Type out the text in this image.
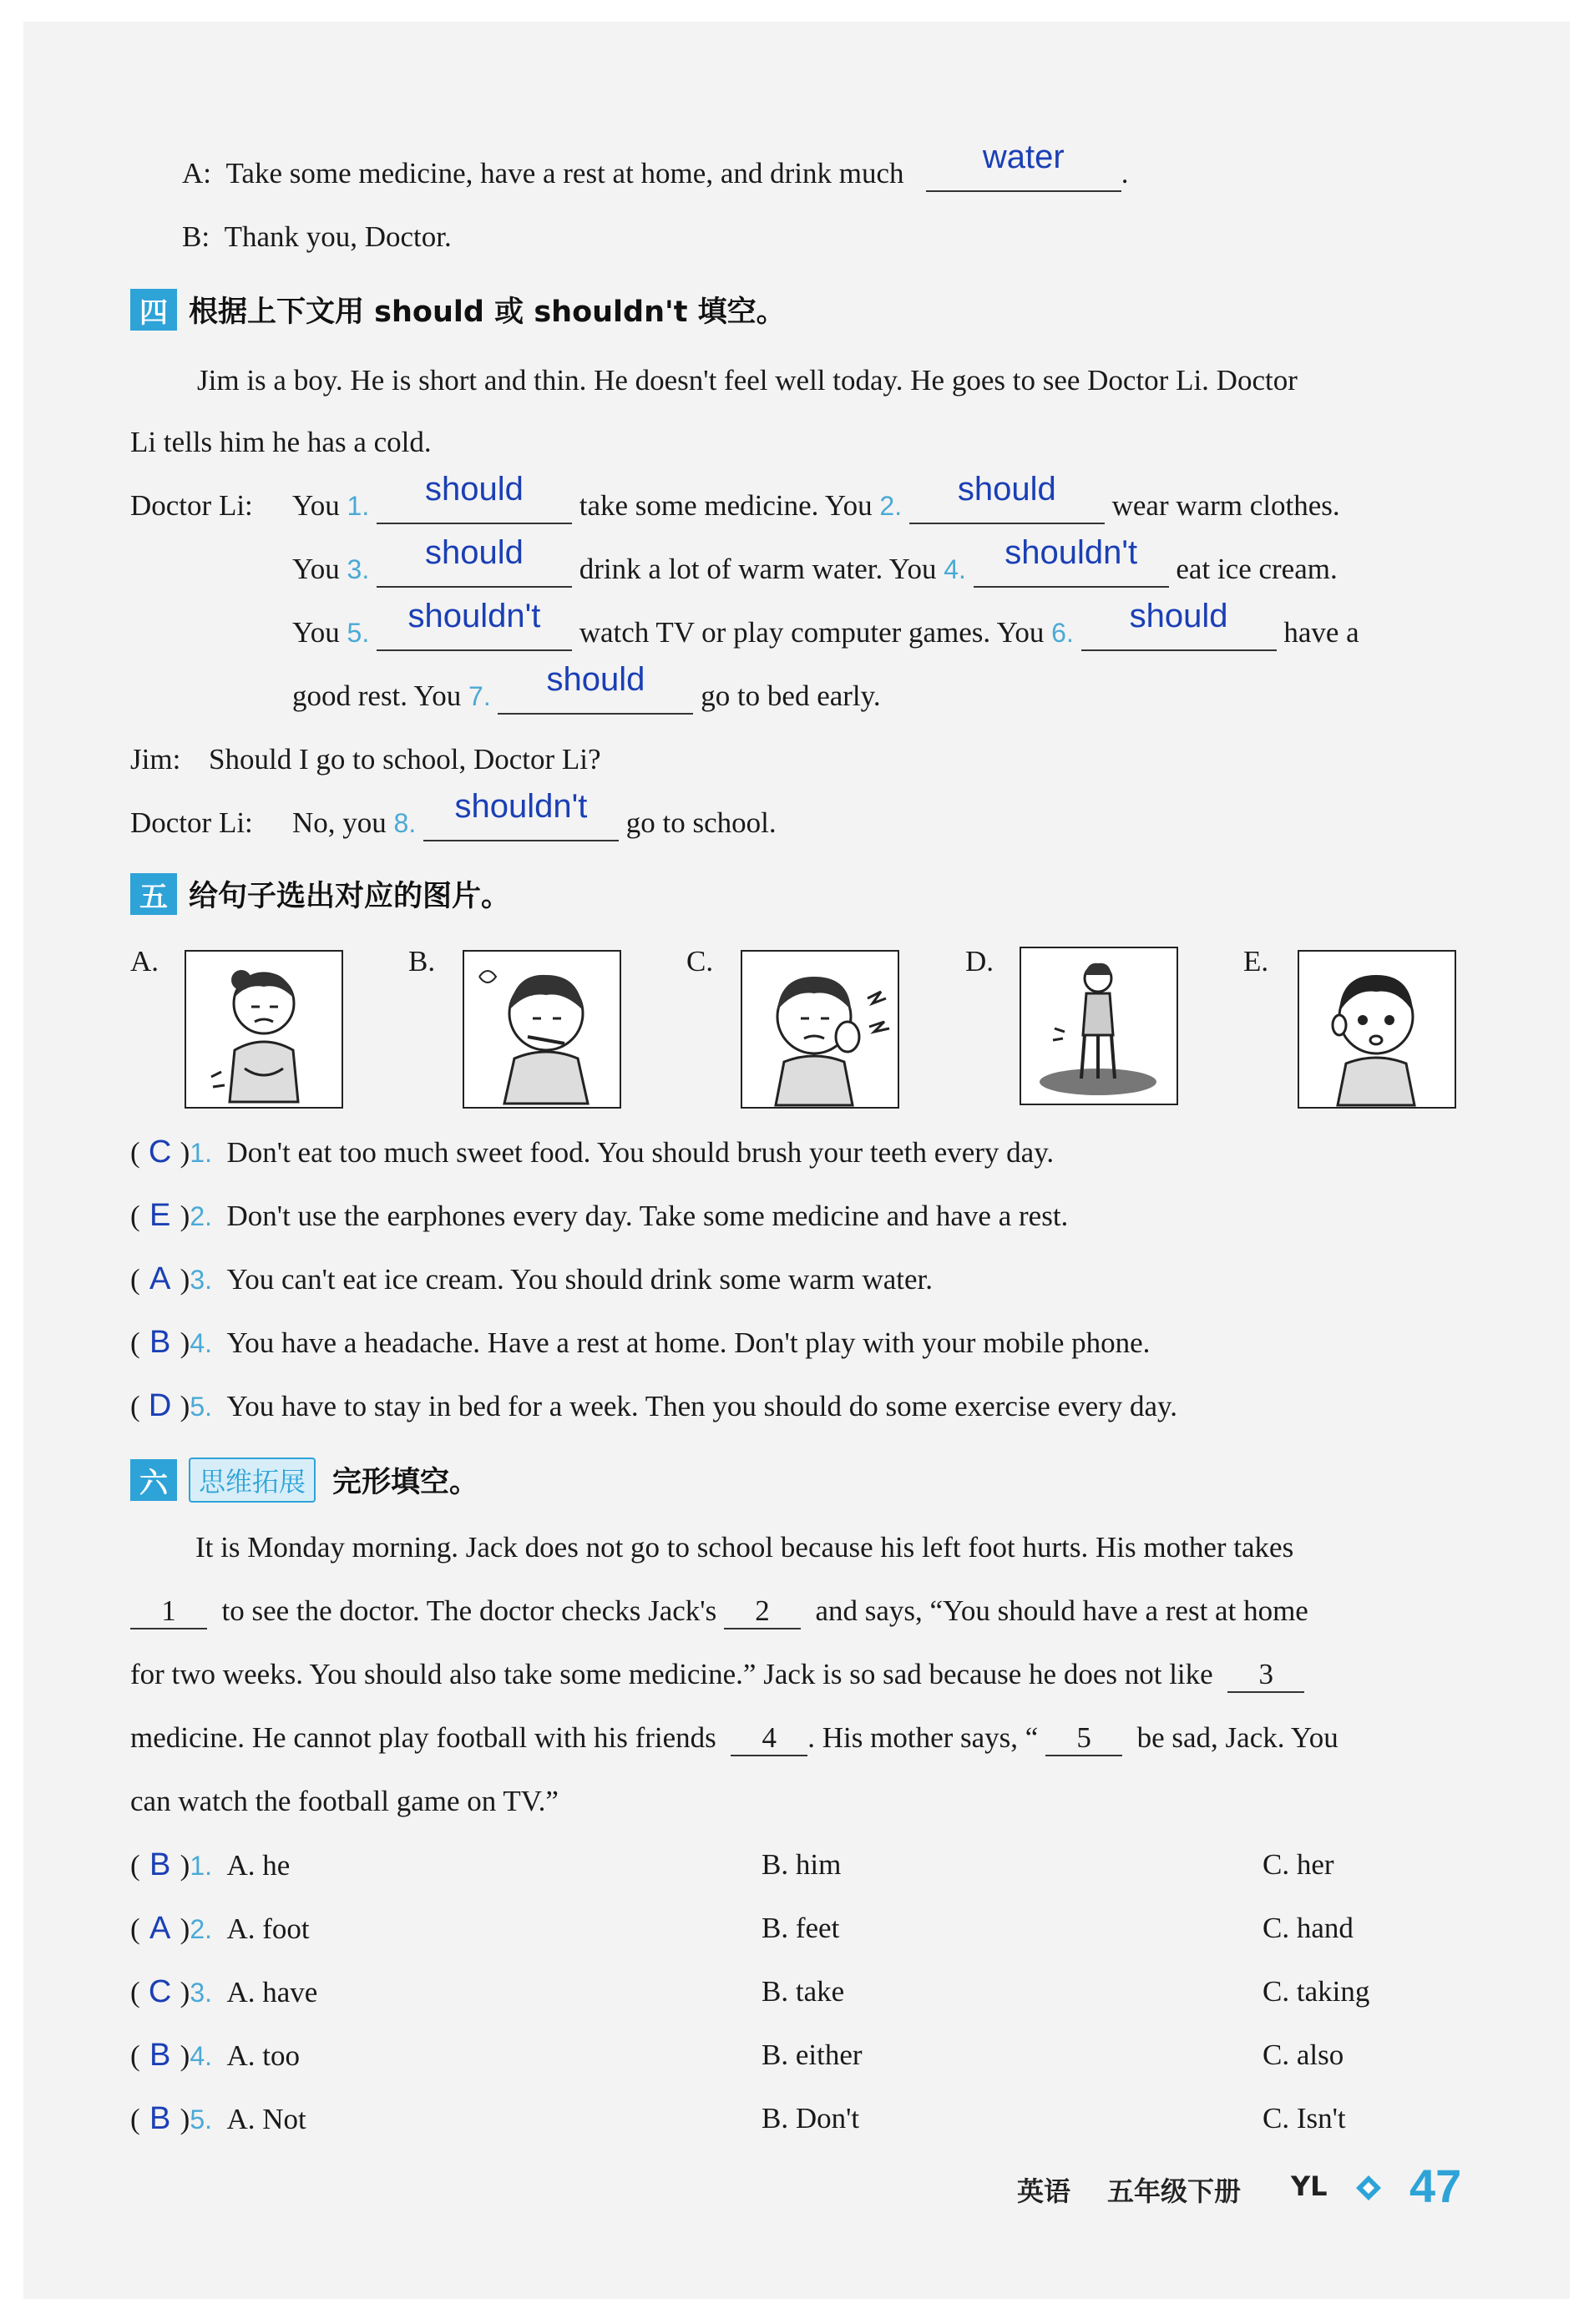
A: Take some medicine, have a rest at home, and drink much	water	.
B: Thank you, Doctor.
四 根据上下文用 should 或 shouldn't 填空。
Jim is a boy. He is short and thin. He doesn't feel well today. He goes to see Doctor Li. Doctor
Li tells him he has a cold.
Doctor Li: You 1.	should	take some medicine. You 2.	should	wear warm clothes.
You 3.	should	drink a lot of warm water. You 4.	shouldn't	eat ice cream.
You 5.	shouldn't	watch TV or play computer games. You 6.	should	have a
good rest. You 7.	should	go to bed early.
Jim: Should I go to school, Doctor Li?
Doctor Li: No, you 8.	shouldn't	go to school.
五 给句子选出对应的图片。
A.	B.	C.	D.	E.
( C )1. Don't eat too much sweet food. You should brush your teeth every day.
( E )2. Don't use the earphones every day. Take some medicine and have a rest.
( A )3. You can't eat ice cream. You should drink some warm water.
( B )4. You have a headache. Have a rest at home. Don't play with your mobile phone.
( D )5. You have to stay in bed for a week. Then you should do some exercise every day.
六	思维拓展 完形填空。
It is Monday morning. Jack does not go to school because his left foot hurts. His mother takes
1 to see the doctor. The doctor checks Jack's 2 and says, “You should have a rest at home
for two weeks. You should also take some medicine.” Jack is so sad because he does not like 3
medicine. He cannot play football with his friends 4 . His mother says, “ 5 be sad, Jack. You
can watch the football game on TV.”
( B )1. A. he	B. him	C. her
( A )2. A. foot	B. feet	C. hand
( C )3. A. have	B. take	C. taking
( B )4. A. too	B. either	C. also
( B )5. A. Not	B. Don't	C. Isn't
英语 五年级下册 YL 47
